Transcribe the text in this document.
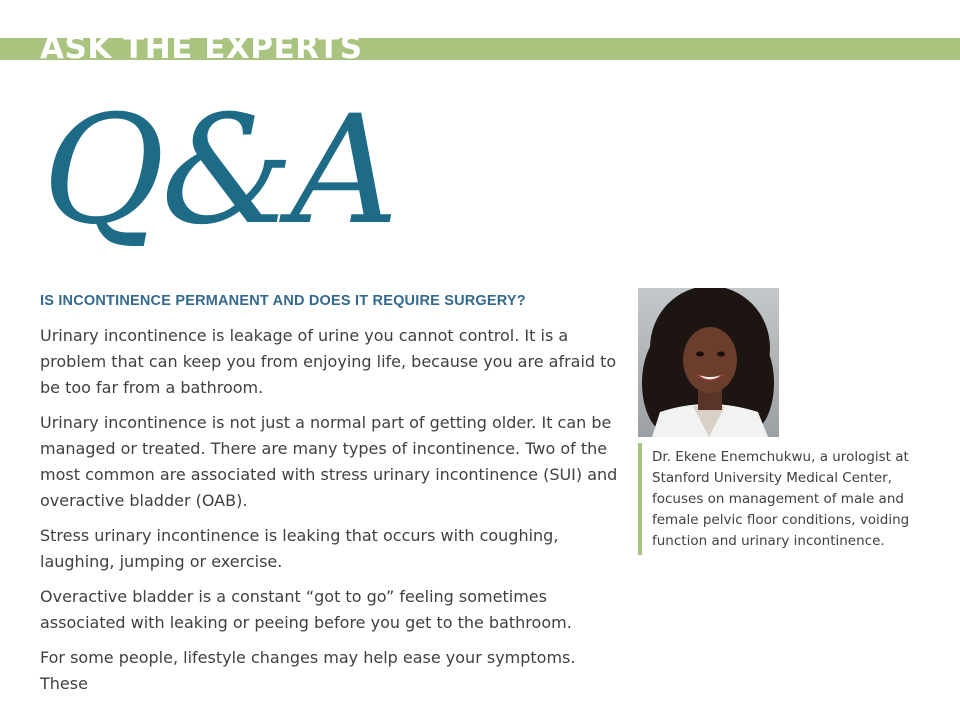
ASK THE EXPERTS
Q&A
IS INCONTINENCE PERMANENT AND DOES IT REQUIRE SURGERY?

Urinary incontinence is leakage of urine you cannot control. It is a problem that can keep you from enjoying life, because you are afraid to be too far from a bathroom.

Urinary incontinence is not just a normal part of getting older. It can be managed or treated. There are many types of incontinence. Two of the most common are associated with stress urinary incontinence (SUI) and overactive bladder (OAB).

Stress urinary incontinence is leaking that occurs with coughing, laughing, jumping or exercise.

Overactive bladder is a constant “got to go” feeling sometimes associated with leaking or peeing before you get to the bathroom.

For some people, lifestyle changes may help ease your symptoms. These

Dr. Ekene Enemchukwu, a urologist at Stanford University Medical Center, focuses on management of male and female pelvic floor conditions, voiding function and urinary incontinence.
